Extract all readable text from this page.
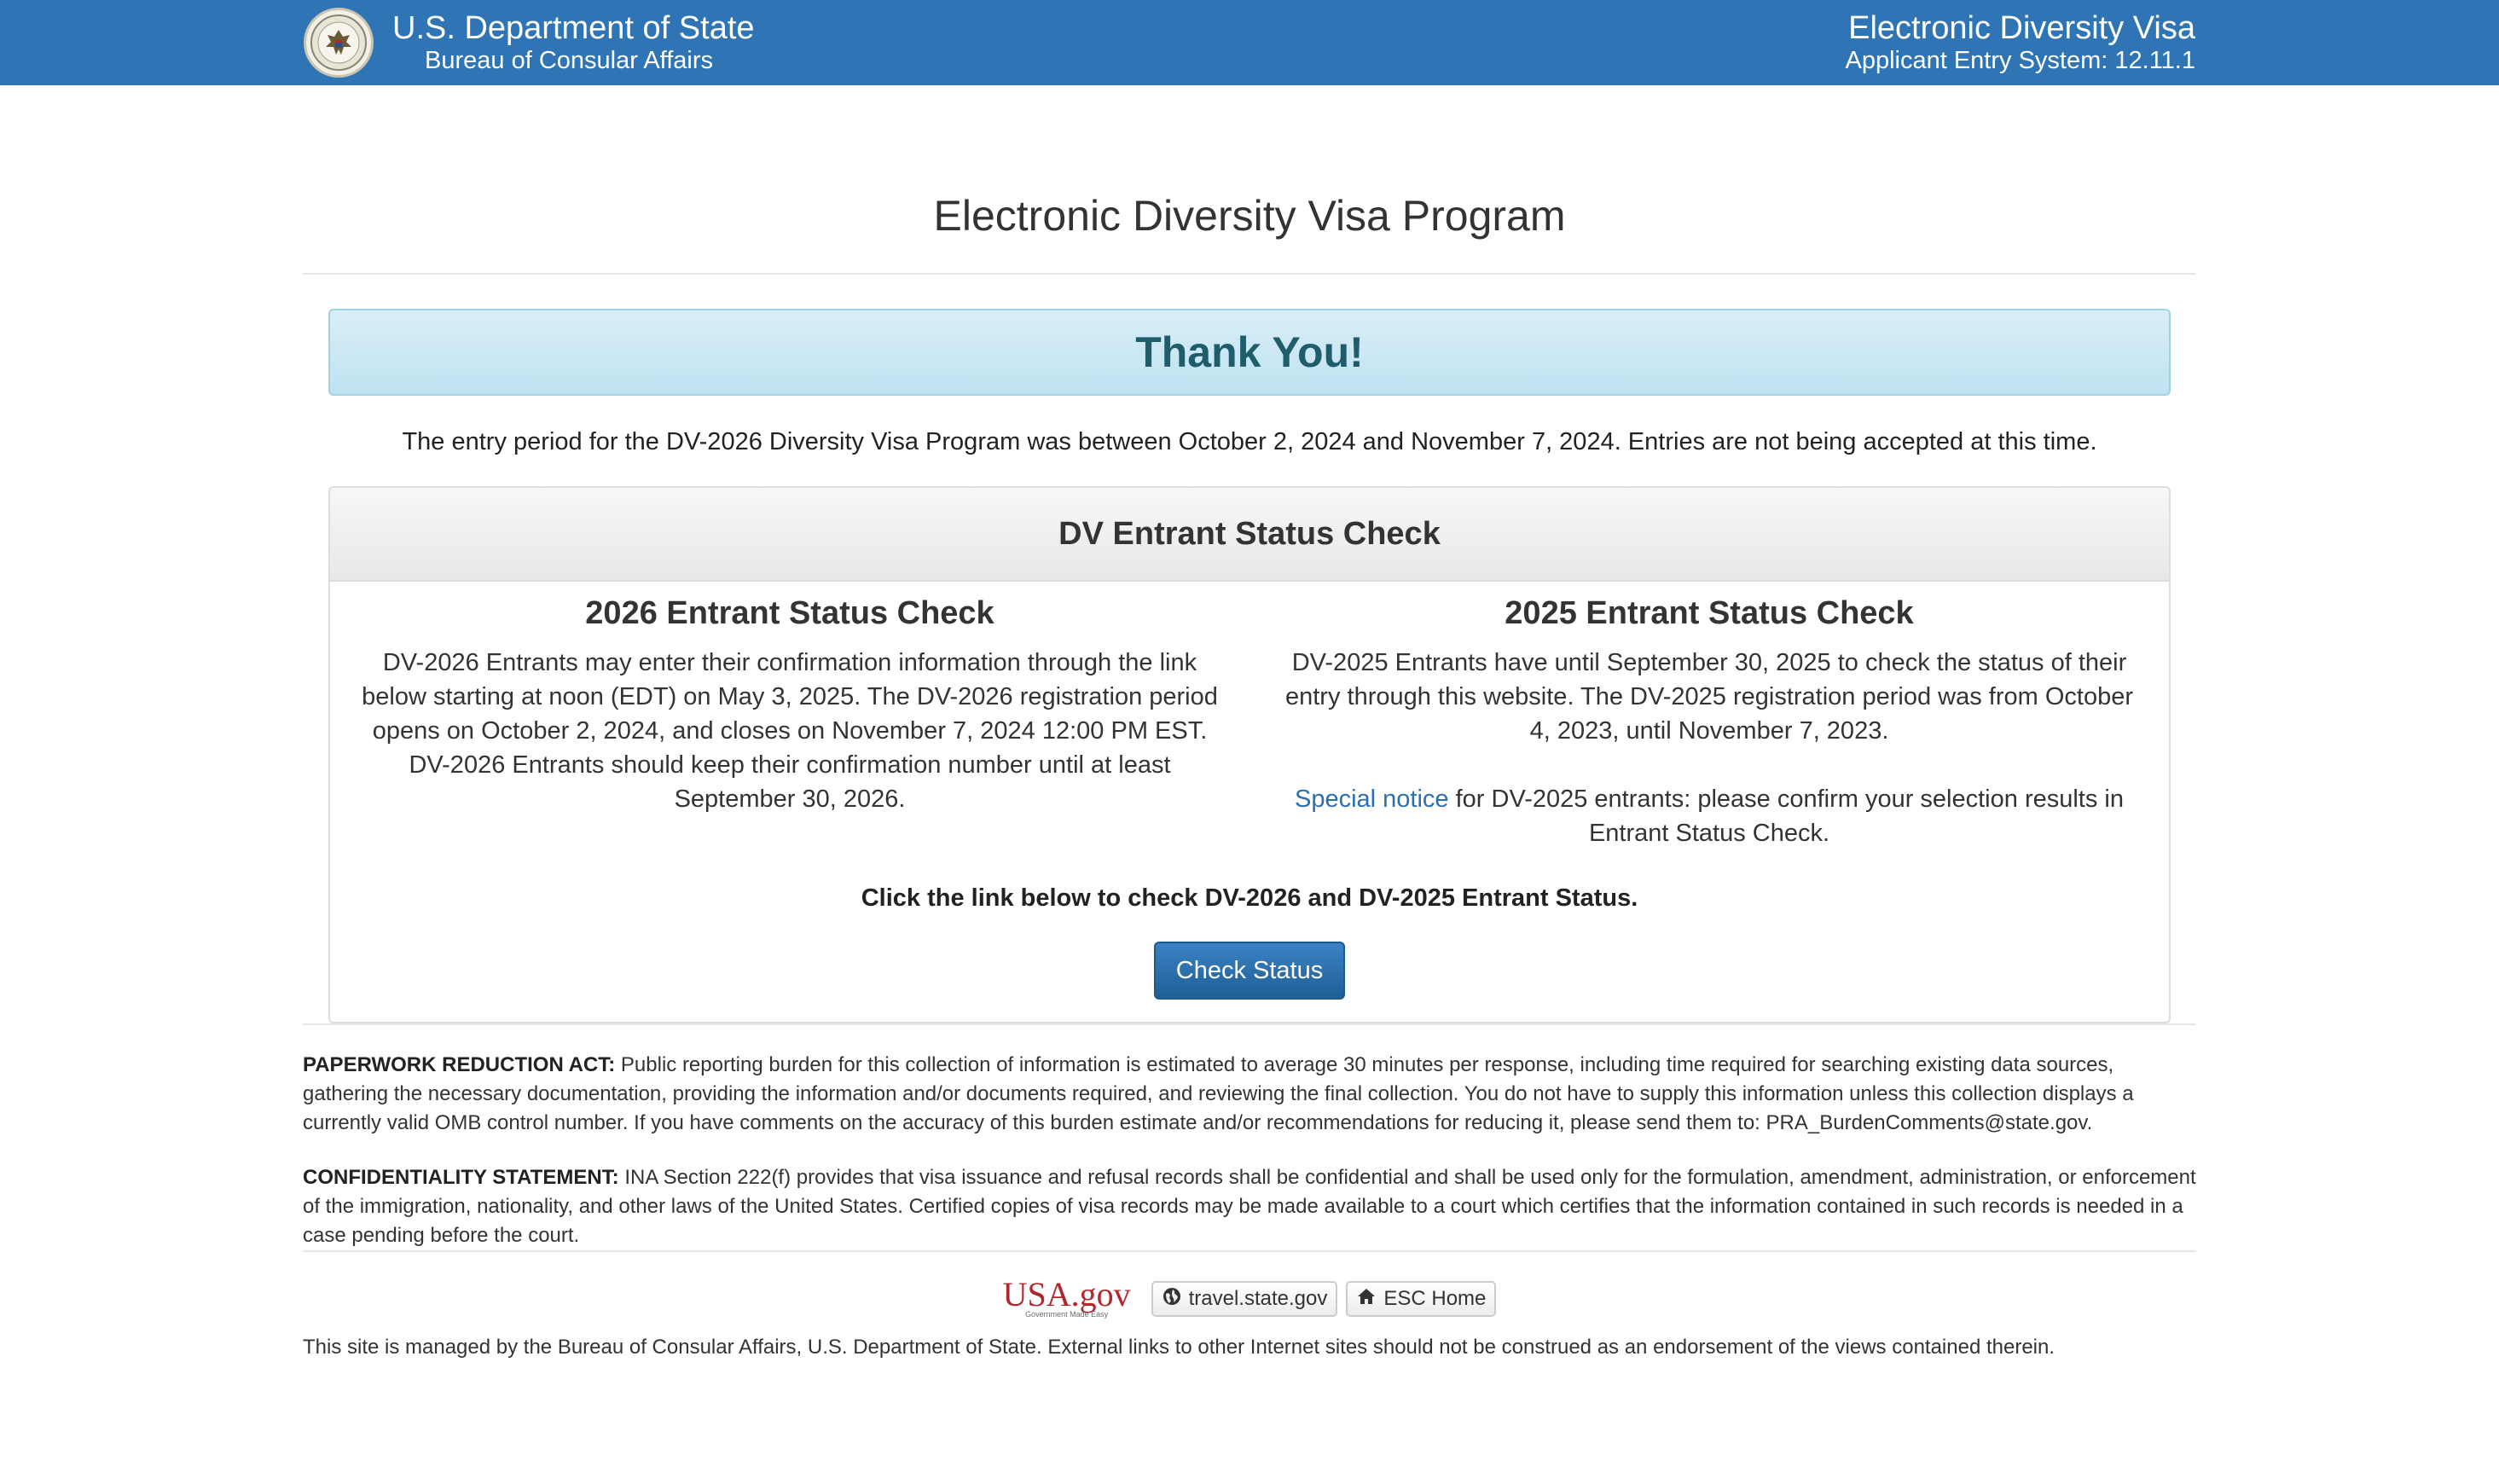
U.S. Department of State
Bureau of Consular Affairs
Electronic Diversity Visa
Applicant Entry System: 12.11.1
Electronic Diversity Visa Program
Thank You!

The entry period for the DV-2026 Diversity Visa Program was between October 2, 2024 and November 7, 2024. Entries are not being accepted at this time.

DV Entrant Status Check
2026 Entrant Status Check

DV-2026 Entrants may enter their confirmation information through the link below starting at noon (EDT) on May 3, 2025. The DV-2026 registration period opens on October 2, 2024, and closes on November 7, 2024 12:00 PM EST. DV-2026 Entrants should keep their confirmation number until at least September 30, 2026.

2025 Entrant Status Check

DV-2025 Entrants have until September 30, 2025 to check the status of their entry through this website. The DV-2025 registration period was from October 4, 2023, until November 7, 2023.

Special notice for DV-2025 entrants: please confirm your selection results in Entrant Status Check.

Click the link below to check DV-2026 and DV-2025 Entrant Status.

Check Status

PAPERWORK REDUCTION ACT: Public reporting burden for this collection of information is estimated to average 30 minutes per response, including time required for searching existing data sources, gathering the necessary documentation, providing the information and/or documents required, and reviewing the final collection. You do not have to supply this information unless this collection displays a currently valid OMB control number. If you have comments on the accuracy of this burden estimate and/or recommendations for reducing it, please send them to: PRA_BurdenComments@state.gov.

CONFIDENTIALITY STATEMENT: INA Section 222(f) provides that visa issuance and refusal records shall be confidential and shall be used only for the formulation, amendment, administration, or enforcement of the immigration, nationality, and other laws of the United States. Certified copies of visa records may be made available to a court which certifies that the information contained in such records is needed in a case pending before the court.

USA.gov
Government Made Easy
travel.state.gov	ESC Home

This site is managed by the Bureau of Consular Affairs, U.S. Department of State. External links to other Internet sites should not be construed as an endorsement of the views contained therein.
